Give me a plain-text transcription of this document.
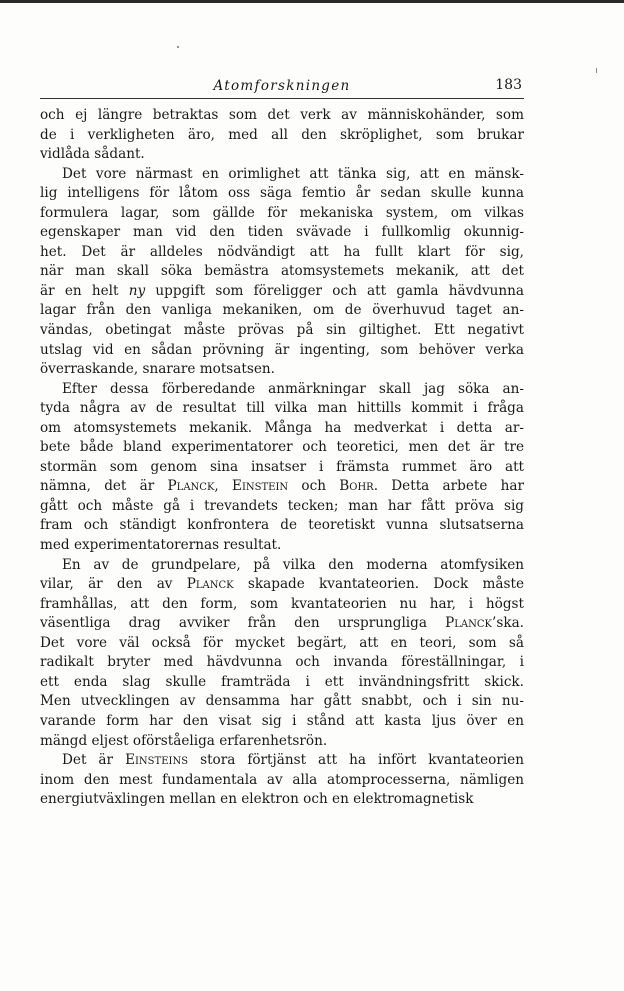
Atomforskningen	183

och ej längre betraktas som det verk av människohänder, som

de i verkligheten äro, med all den skröplighet, som brukar

vidlåda sådant.

Det vore närmast en orimlighet att tänka sig, att en mänsk-

lig intelligens för låtom oss säga femtio år sedan skulle kunna

formulera lagar, som gällde för mekaniska system, om vilkas

egenskaper man vid den tiden svävade i fullkomlig okunnig-

het. Det är alldeles nödvändigt att ha fullt klart för sig,

när man skall söka bemästra atomsystemets mekanik, att det

är en helt ny uppgift som föreligger och att gamla hävdvunna

lagar från den vanliga mekaniken, om de överhuvud taget an-

vändas, obetingat måste prövas på sin giltighet. Ett negativt

utslag vid en sådan prövning är ingenting, som behöver verka

överraskande, snarare motsatsen.

Efter dessa förberedande anmärkningar skall jag söka an-

tyda några av de resultat till vilka man hittills kommit i fråga

om atomsystemets mekanik. Många ha medverkat i detta ar-

bete både bland experimentatorer och teoretici, men det är tre

stormän som genom sina insatser i främsta rummet äro att

nämna, det är Planck, Einstein och Bohr. Detta arbete har

gått och måste gå i trevandets tecken; man har fått pröva sig

fram och ständigt konfrontera de teoretiskt vunna slutsatserna

med experimentatorernas resultat.

En av de grundpelare, på vilka den moderna atomfysiken

vilar, är den av Planck skapade kvantateorien. Dock måste

framhållas, att den form, som kvantateorien nu har, i högst

väsentliga drag avviker från den ursprungliga Planck’ska.

Det vore väl också för mycket begärt, att en teori, som så

radikalt bryter med hävdvunna och invanda föreställningar, i

ett enda slag skulle framträda i ett invändningsfritt skick.

Men utvecklingen av densamma har gått snabbt, och i sin nu-

varande form har den visat sig i stånd att kasta ljus över en

mängd eljest oförståeliga erfarenhetsrön.

Det är Einsteins stora förtjänst att ha infört kvantateorien

inom den mest fundamentala av alla atomprocesserna, nämligen

energiutväxlingen mellan en elektron och en elektromagnetisk
